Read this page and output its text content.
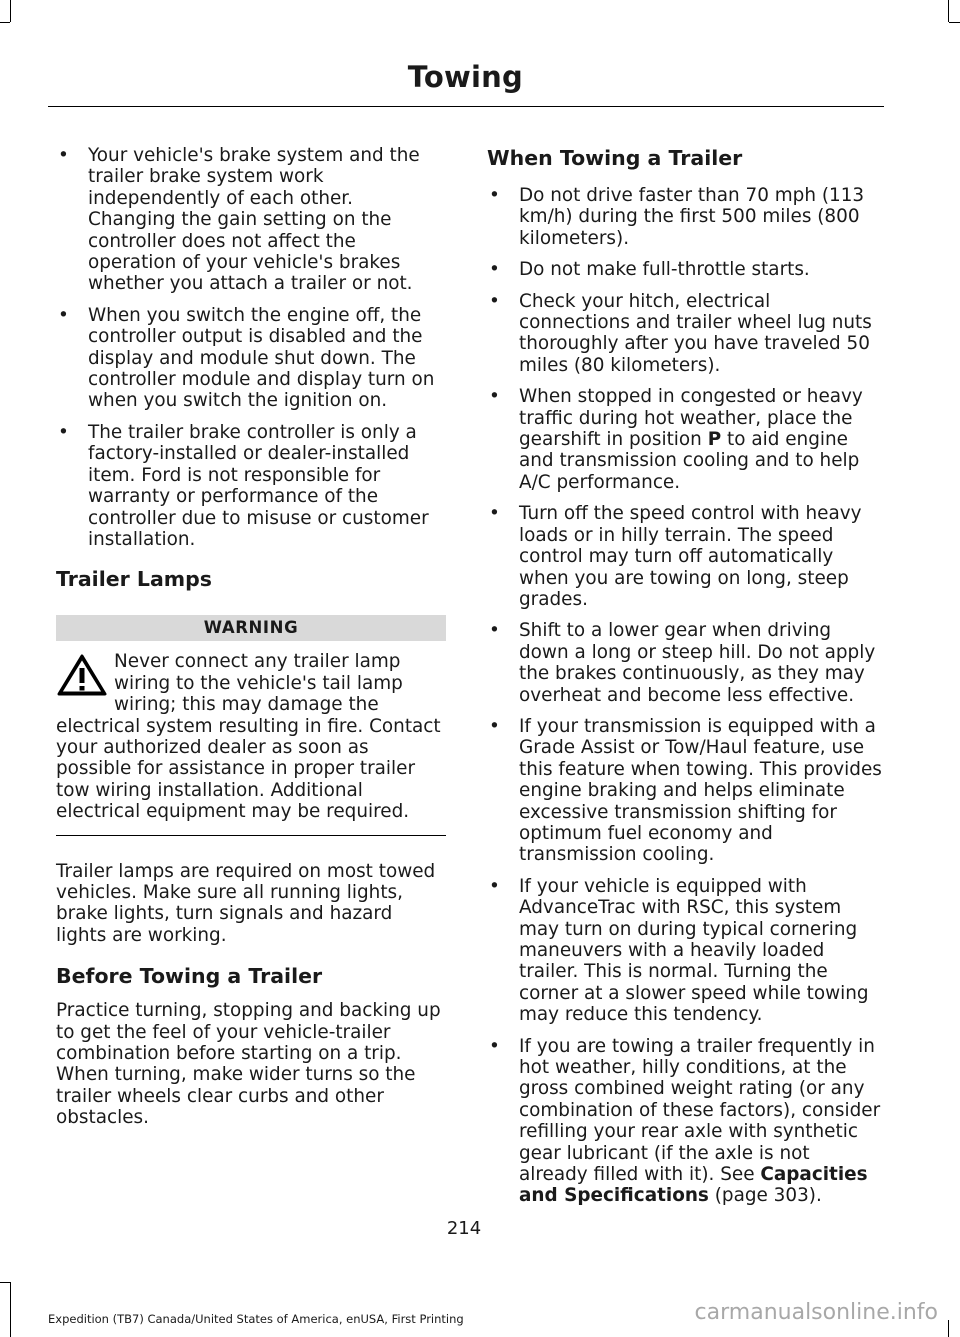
Towing
• Your vehicle's brake system and the trailer brake system work independently of each other. Changing the gain setting on the controller does not affect the operation of your vehicle's brakes whether you attach a trailer or not.
• When you switch the engine off, the controller output is disabled and the display and module shut down. The controller module and display turn on when you switch the ignition on.
• The trailer brake controller is only a factory-installed or dealer-installed item. Ford is not responsible for warranty or performance of the controller due to misuse or customer installation.
Trailer Lamps
WARNING

Never connect any trailer lamp wiring to the vehicle's tail lamp wiring; this may damage the electrical system resulting in fire. Contact your authorized dealer as soon as possible for assistance in proper trailer tow wiring installation. Additional electrical equipment may be required.

Trailer lamps are required on most towed vehicles. Make sure all running lights, brake lights, turn signals and hazard lights are working.

Before Towing a Trailer

Practice turning, stopping and backing up to get the feel of your vehicle-trailer combination before starting on a trip. When turning, make wider turns so the trailer wheels clear curbs and other obstacles.

When Towing a Trailer
• Do not drive faster than 70 mph (113 km/h) during the first 500 miles (800 kilometers).
• Do not make full-throttle starts.
• Check your hitch, electrical connections and trailer wheel lug nuts thoroughly after you have traveled 50 miles (80 kilometers).
• When stopped in congested or heavy traffic during hot weather, place the gearshift in position P to aid engine and transmission cooling and to help A/C performance.
• Turn off the speed control with heavy loads or in hilly terrain. The speed control may turn off automatically when you are towing on long, steep grades.
• Shift to a lower gear when driving down a long or steep hill. Do not apply the brakes continuously, as they may overheat and become less effective.
• If your transmission is equipped with a Grade Assist or Tow/Haul feature, use this feature when towing. This provides engine braking and helps eliminate excessive transmission shifting for optimum fuel economy and transmission cooling.
• If your vehicle is equipped with AdvanceTrac with RSC, this system may turn on during typical cornering maneuvers with a heavily loaded trailer. This is normal. Turning the corner at a slower speed while towing may reduce this tendency.
• If you are towing a trailer frequently in hot weather, hilly conditions, at the gross combined weight rating (or any combination of these factors), consider refilling your rear axle with synthetic gear lubricant (if the axle is not already filled with it). See Capacities and Specifications (page 303).
214
Expedition (TB7) Canada/United States of America, enUSA, First Printing	carmanualsonline.info
